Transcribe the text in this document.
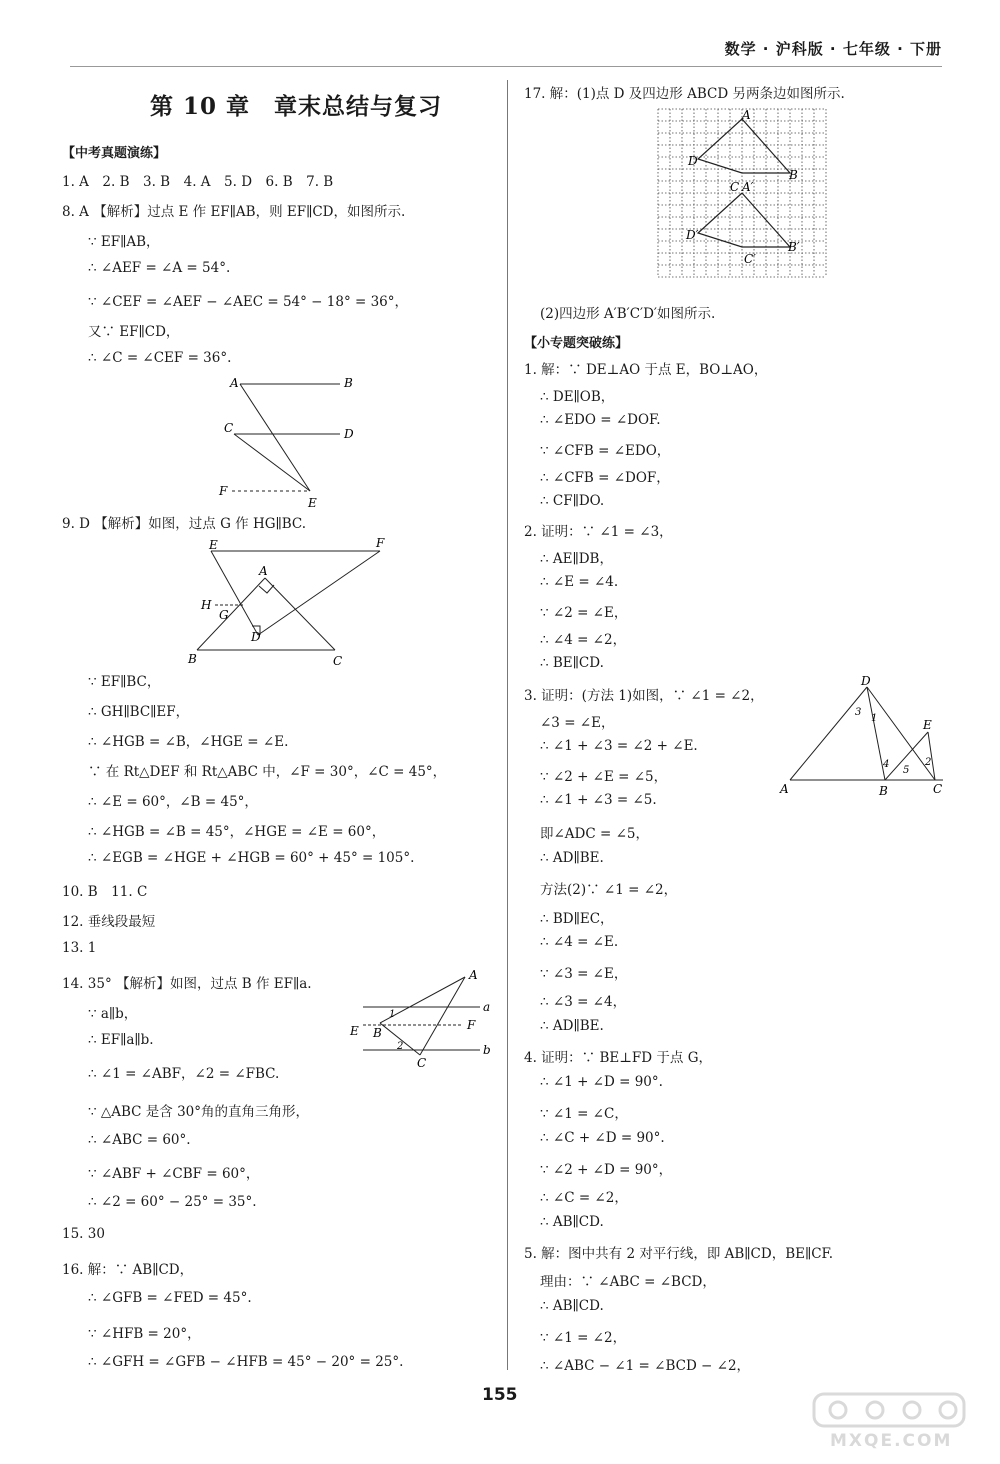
数学 · 沪科版 · 七年级 · 下册
第 10 章　章末总结与复习
【中考真题演练】
1. A　2. B　3. B　4. A　5. D　6. B　7. B
8. A 【解析】过点 E 作 EF∥AB，则 EF∥CD，如图所示.
∵ EF∥AB，
∴ ∠AEF = ∠A = 54°.
∵ ∠CEF = ∠AEF − ∠AEC = 54° − 18° = 36°，
又∵ EF∥CD，
∴ ∠C = ∠CEF = 36°.
9. D 【解析】如图，过点 G 作 HG∥BC.
∵ EF∥BC，
∴ GH∥BC∥EF，
∴ ∠HGB = ∠B，∠HGE = ∠E.
∵ 在 Rt△DEF 和 Rt△ABC 中，∠F = 30°，∠C = 45°，
∴ ∠E = 60°，∠B = 45°，
∴ ∠HGB = ∠B = 45°，∠HGE = ∠E = 60°，
∴ ∠EGB = ∠HGE + ∠HGB = 60° + 45° = 105°.
10. B　11. C
12. 垂线段最短
13. 1
14. 35° 【解析】如图，过点 B 作 EF∥a.
∵ a∥b，
∴ EF∥a∥b.
∴ ∠1 = ∠ABF，∠2 = ∠FBC.
∵ △ABC 是含 30°角的直角三角形，
∴ ∠ABC = 60°.
∵ ∠ABF + ∠CBF = 60°，
∴ ∠2 = 60° − 25° = 35°.
15. 30
16. 解：∵ AB∥CD，
∴ ∠GFB = ∠FED = 45°.
∵ ∠HFB = 20°，
∴ ∠GFH = ∠GFB − ∠HFB = 45° − 20° = 25°.
17. 解：(1)点 D 及四边形 ABCD 另两条边如图所示.
(2)四边形 A′B′C′D′如图所示.
【小专题突破练】
1. 解：∵ DE⊥AO 于点 E，BO⊥AO，
∴ DE∥OB，
∴ ∠EDO = ∠DOF.
∵ ∠CFB = ∠EDO，
∴ ∠CFB = ∠DOF，
∴ CF∥DO.
2. 证明：∵ ∠1 = ∠3，
∴ AE∥DB，
∴ ∠E = ∠4.
∵ ∠2 = ∠E，
∴ ∠4 = ∠2，
∴ BE∥CD.
3. 证明：(方法 1)如图，∵ ∠1 = ∠2，
∠3 = ∠E，
∴ ∠1 + ∠3 = ∠2 + ∠E.
∵ ∠2 + ∠E = ∠5，
∴ ∠1 + ∠3 = ∠5.
即∠ADC = ∠5，
∴ AD∥BE.
方法(2)∵ ∠1 = ∠2，
∴ BD∥EC，
∴ ∠4 = ∠E.
∵ ∠3 = ∠E，
∴ ∠3 = ∠4，
∴ AD∥BE.
4. 证明：∵ BE⊥FD 于点 G，
∴ ∠1 + ∠D = 90°.
∵ ∠1 = ∠C，
∴ ∠C + ∠D = 90°.
∵ ∠2 + ∠D = 90°，
∴ ∠C = ∠2，
∴ AB∥CD.
5. 解：图中共有 2 对平行线，即 AB∥CD，BE∥CF.
理由：∵ ∠ABC = ∠BCD，
∴ AB∥CD.
∵ ∠1 = ∠2，
∴ ∠ABC − ∠1 = ∠BCD − ∠2，
A	B
C	D
F
E
E	F
A
H
G
D
B	C
A
a
E B
1
F
2
C
b
A
D
C A′
B
D′
B′
C′
D
3
1	E
4
5
2
A	B	C
155
MXQE.COM
